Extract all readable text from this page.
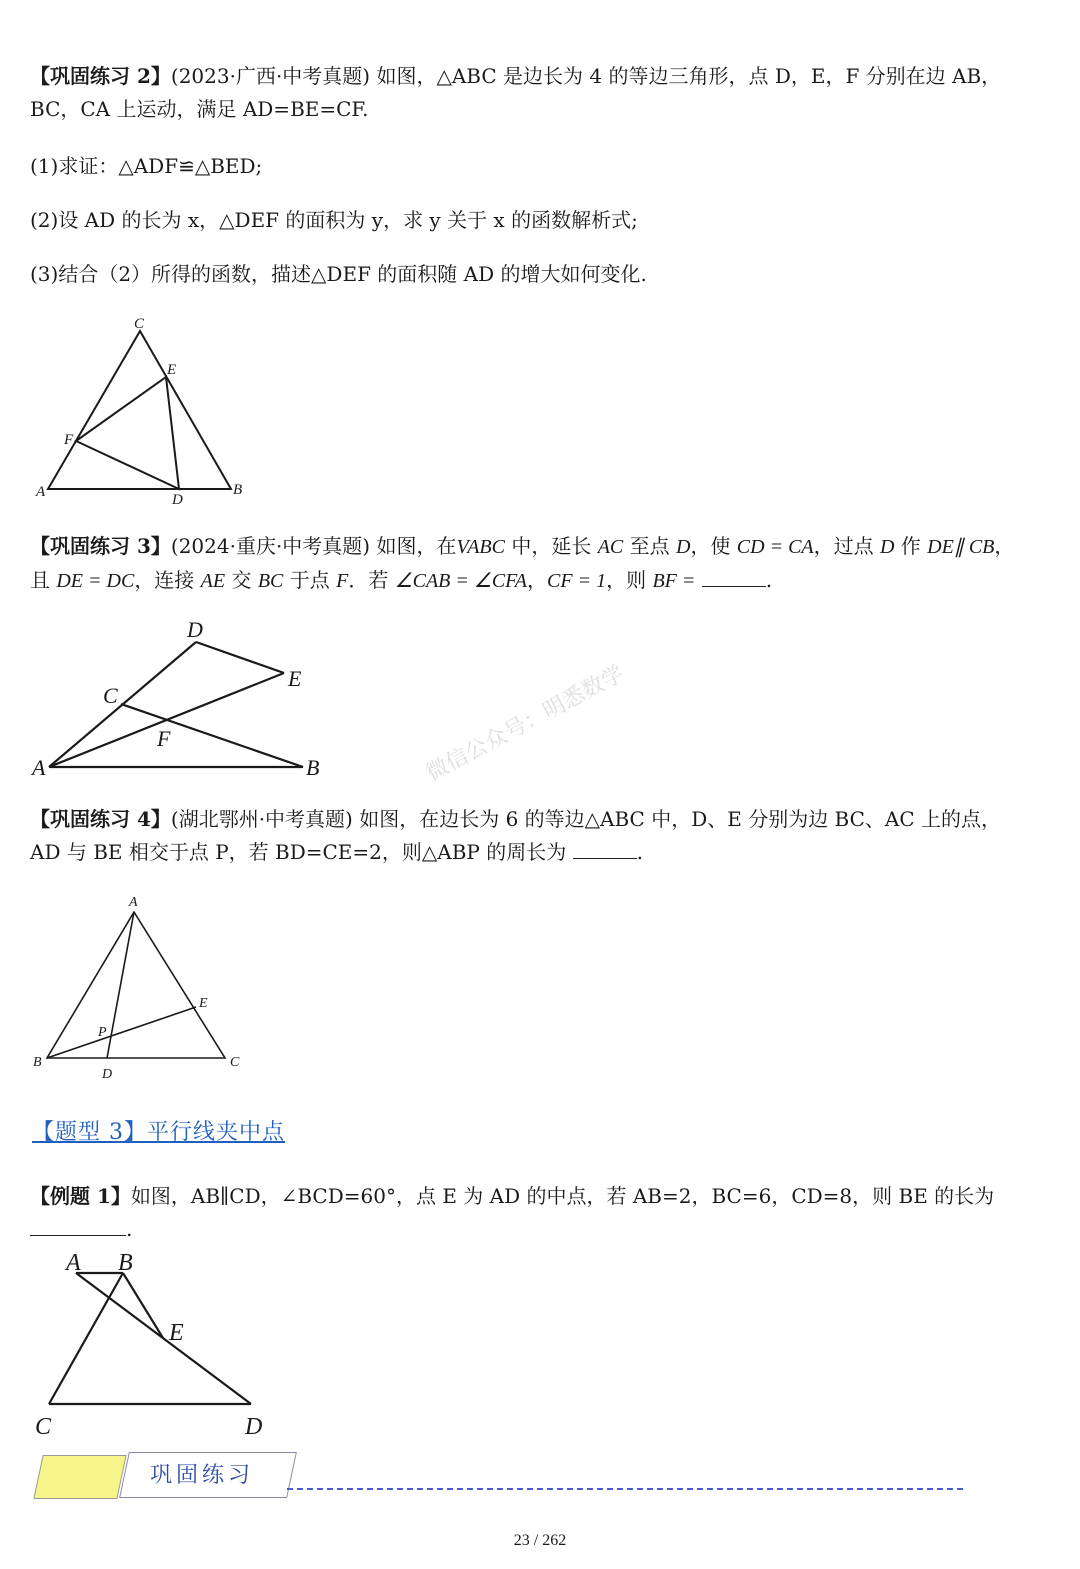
【巩固练习 2】(2023·广西·中考真题) 如图，△ABC 是边长为 4 的等边三角形，点 D，E，F 分别在边 AB，
BC，CA 上运动，满足 AD=BE=CF.
(1)求证：△ADF≌△BED;
(2)设 AD 的长为 x，△DEF 的面积为 y，求 y 关于 x 的函数解析式;
(3)结合（2）所得的函数，描述△DEF 的面积随 AD 的增大如何变化.
A	B
C
D
E
F
A	B
C
D
E
F
A
B	C
D
E
P
A B
C	D
E
【巩固练习 3】(2024·重庆·中考真题) 如图，在VABC 中，延长 AC 至点 D，使 CD = CA，过点 D 作 DE∥ CB，
且 DE = DC，连接 AE 交 BC 于点 F．若 ∠CAB = ∠CFA，CF = 1，则 BF =	.
微信公众号：明悉数学
【巩固练习 4】(湖北鄂州·中考真题) 如图，在边长为 6 的等边△ABC 中，D、E 分别为边 BC、AC 上的点，
AD 与 BE 相交于点 P，若 BD=CE=2，则△ABP 的周长为	.
【题型 3】平行线夹中点
【例题 1】如图，AB∥CD，∠BCD=60°，点 E 为 AD 的中点，若 AB=2，BC=6，CD=8，则 BE 的长为
.
巩固练习
23 / 262
